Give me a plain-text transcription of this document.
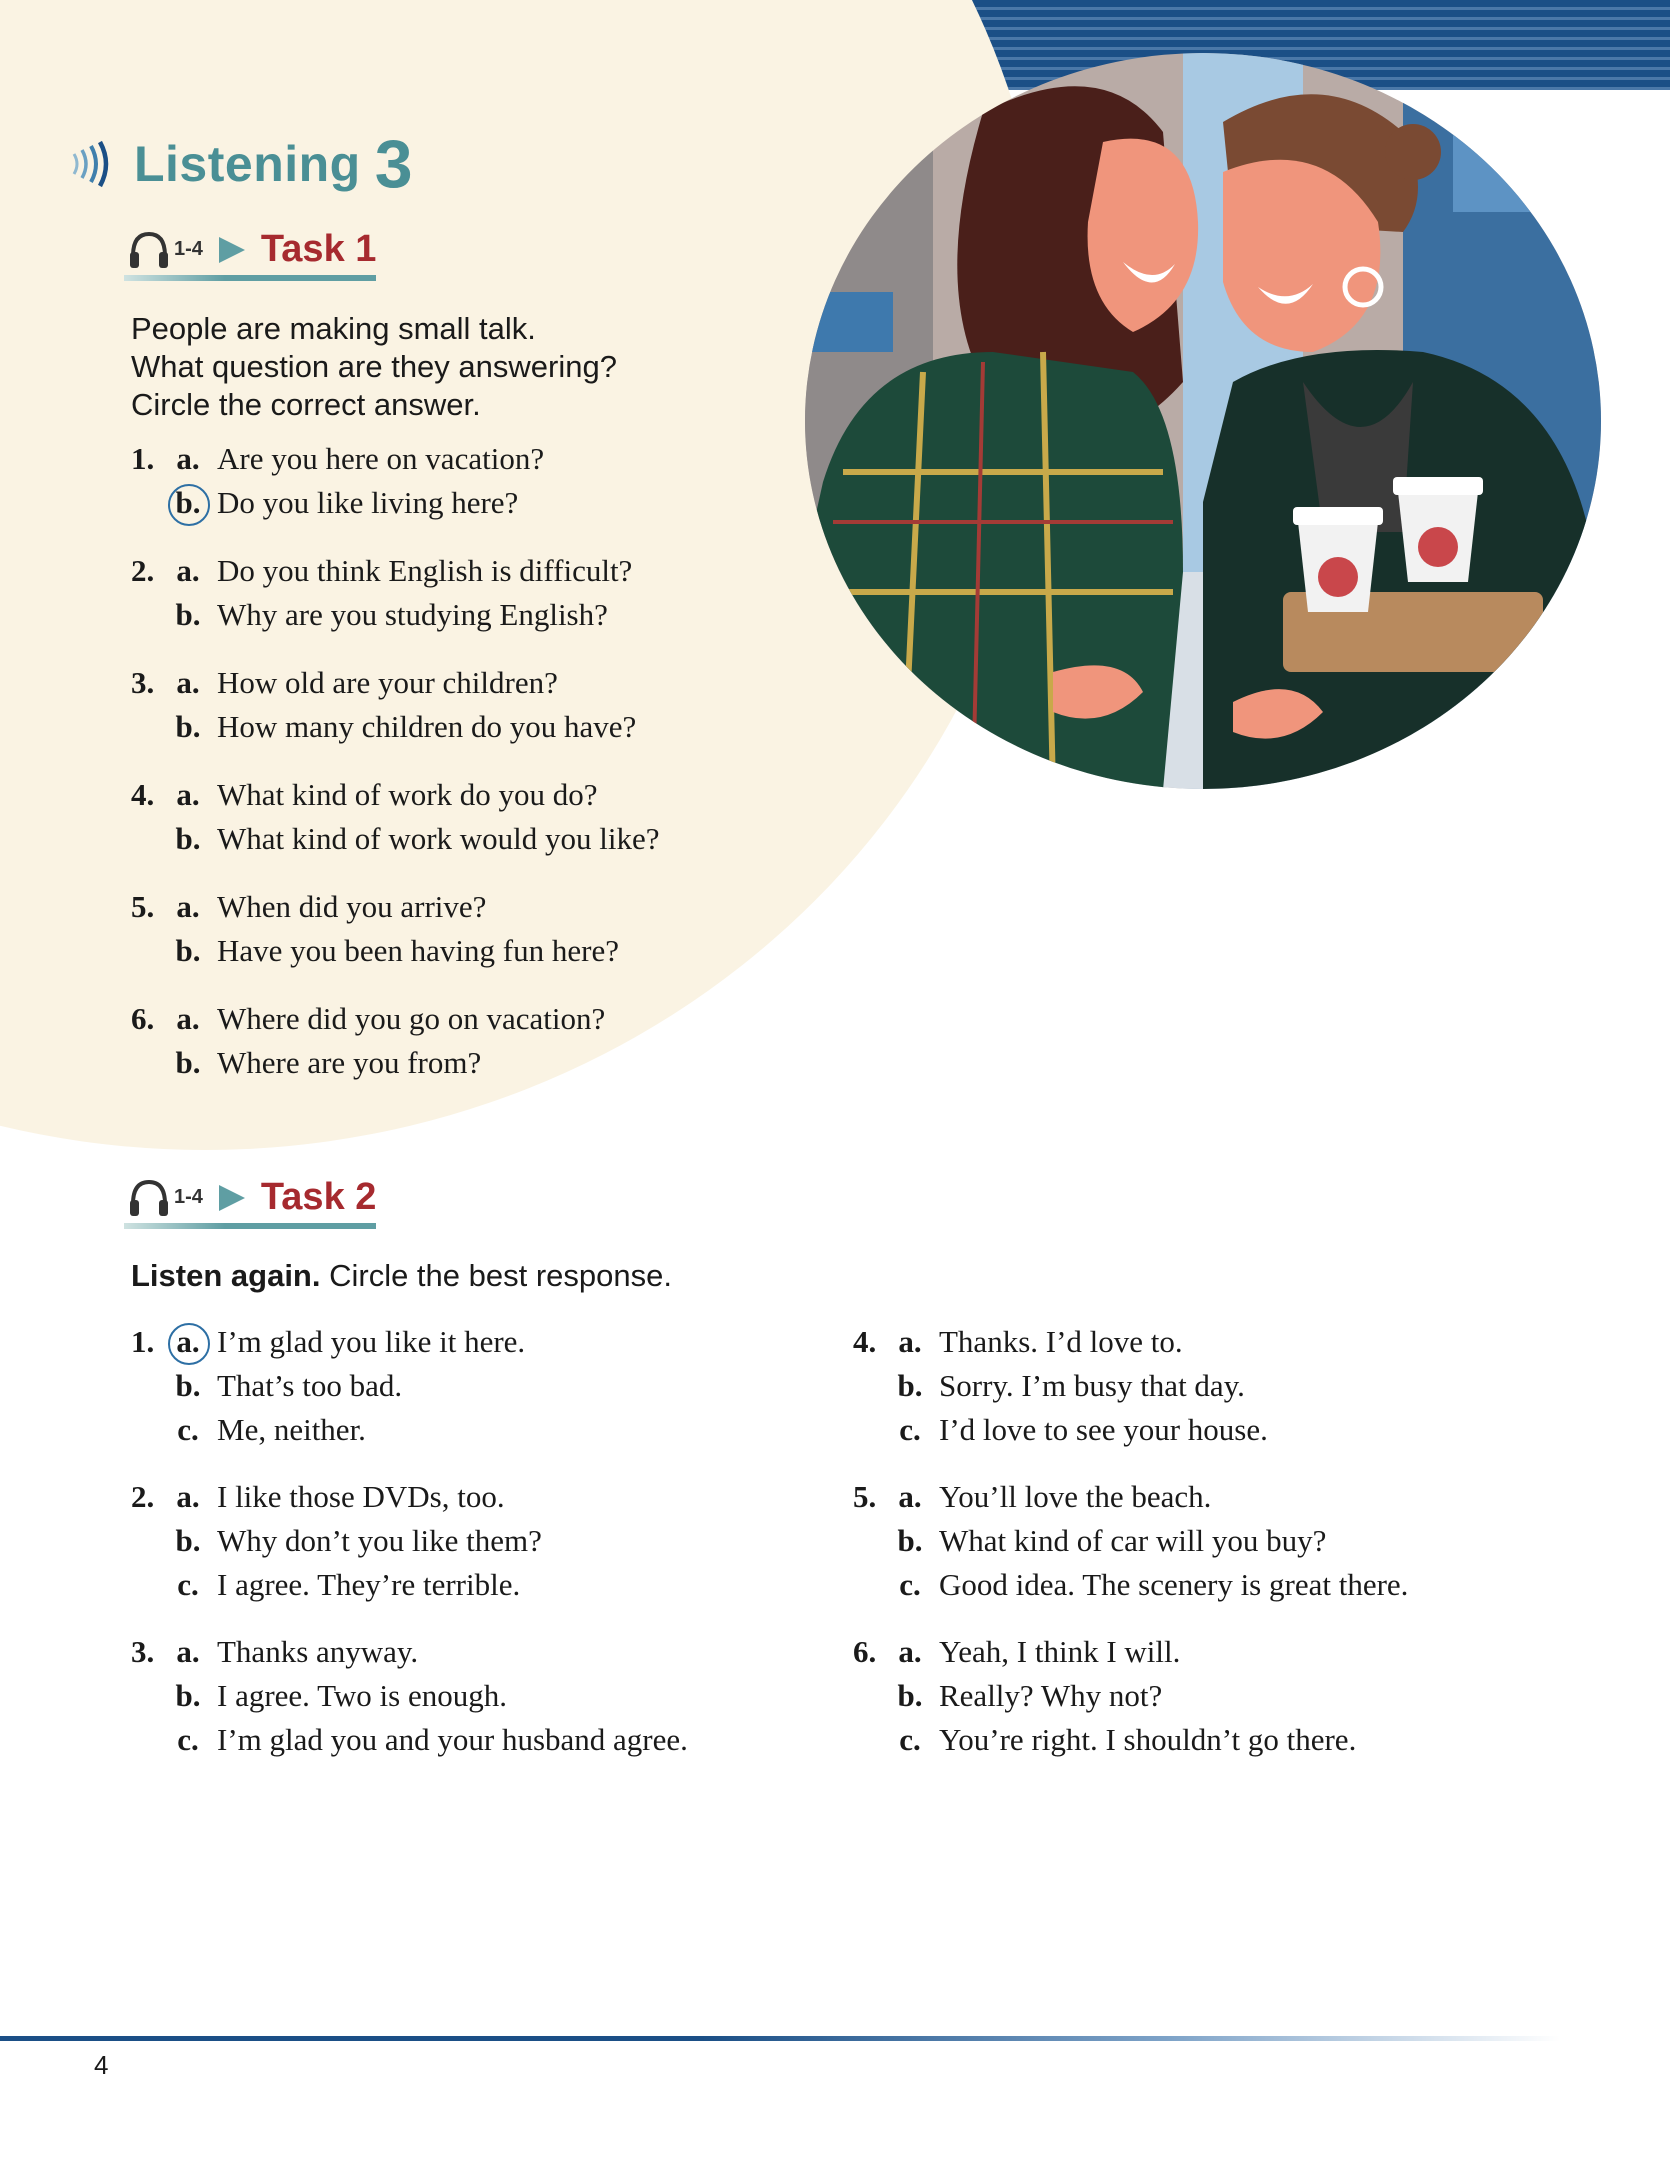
Listening 3
1-4 Task 1
People are making small talk.
What question are they answering?
Circle the correct answer.
1. a. Are you here on vacation?
b. Do you like living here?
2. a. Do you think English is difficult?
b. Why are you studying English?
3. a. How old are your children?
b. How many children do you have?
4. a. What kind of work do you do?
b. What kind of work would you like?
5. a. When did you arrive?
b. Have you been having fun here?
6. a. Where did you go on vacation?
b. Where are you from?
1-4 Task 2
Listen again. Circle the best response.
1. a. I’m glad you like it here.
b. That’s too bad.
c. Me, neither.
2. a. I like those DVDs, too.
b. Why don’t you like them?
c. I agree. They’re terrible.
3. a. Thanks anyway.
b. I agree. Two is enough.
c. I’m glad you and your husband agree.
4. a. Thanks. I’d love to.
b. Sorry. I’m busy that day.
c. I’d love to see your house.
5. a. You’ll love the beach.
b. What kind of car will you buy?
c. Good idea. The scenery is great there.
6. a. Yeah, I think I will.
b. Really? Why not?
c. You’re right. I shouldn’t go there.
4
